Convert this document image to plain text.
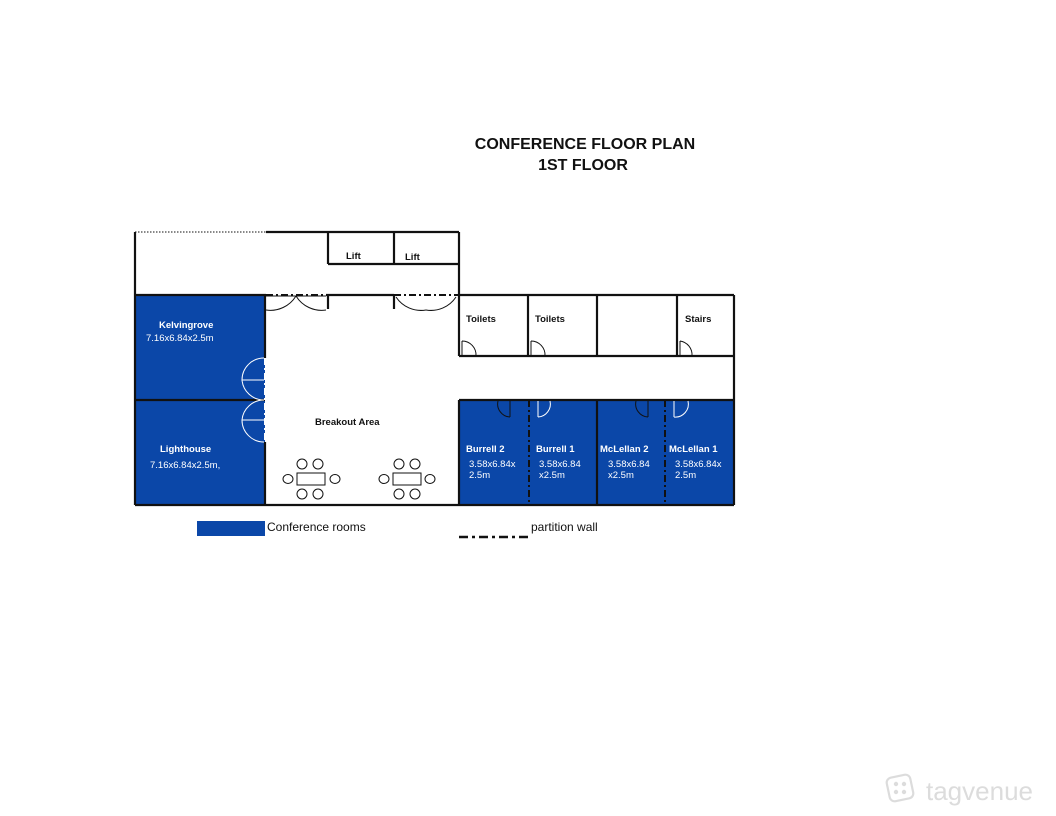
CONFERENCE FLOOR PLAN
1ST FLOOR
Lift	Lift
Toilets	Toilets	Stairs
Breakout Area
Kelvingrove
7.16x6.84x2.5m
Lighthouse
7.16x6.84x2.5m,
Burrell 2
3.58x6.84x
2.5m
Burrell 1
3.58x6.84
x2.5m
McLellan 2
3.58x6.84
x2.5m
McLellan 1
3.58x6.84x
2.5m
Conference rooms	partition wall
tagvenue
